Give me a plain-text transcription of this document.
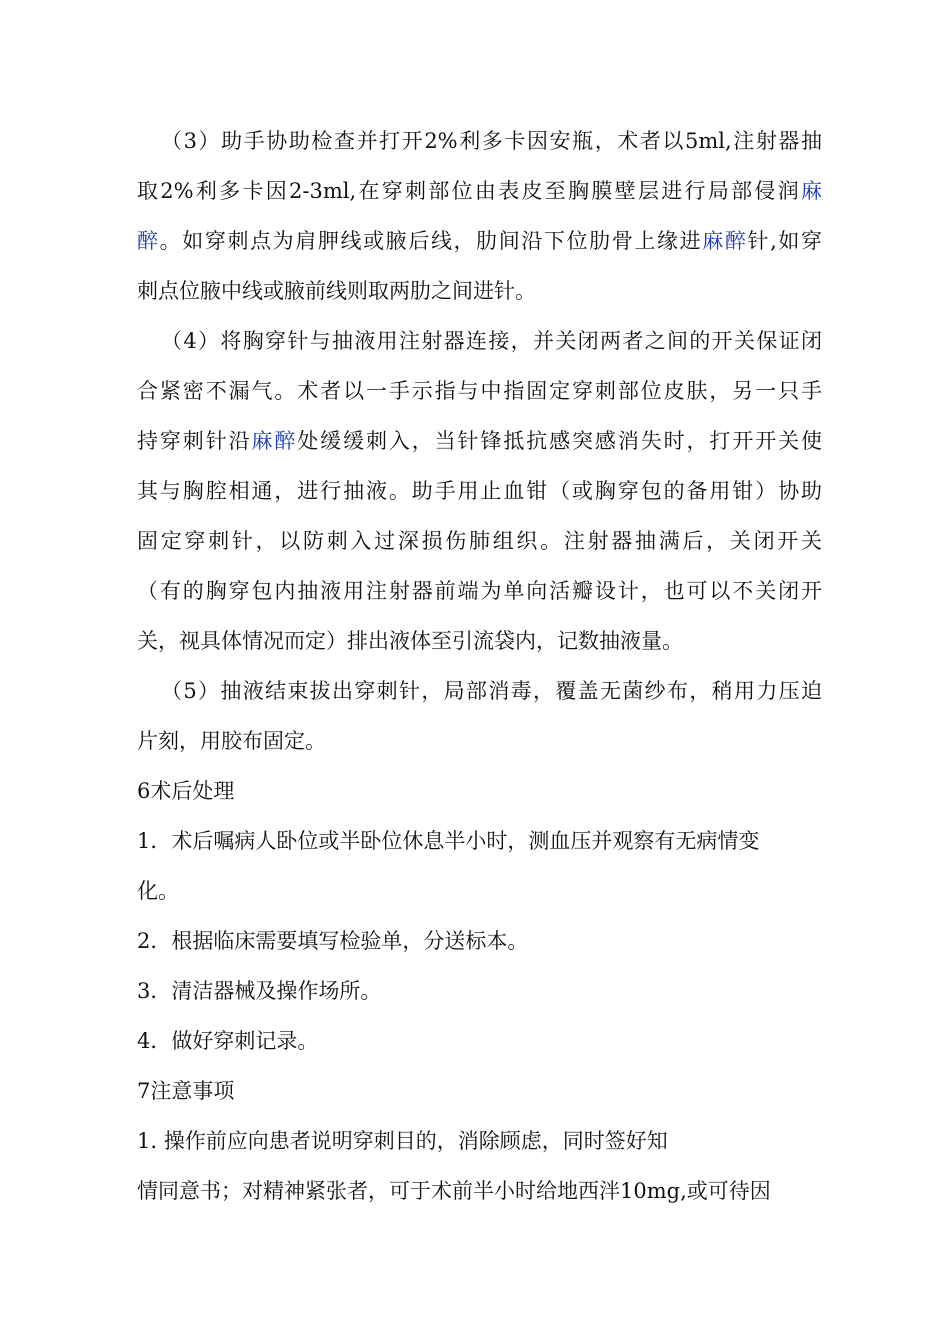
（3）助手协助检查并打开2%利多卡因安瓶，术者以5ml,注射器抽
取2%利多卡因2-3ml,在穿刺部位由表皮至胸膜壁层进行局部侵润麻
醉。如穿刺点为肩胛线或腋后线，肋间沿下位肋骨上缘进麻醉针,如穿
刺点位腋中线或腋前线则取两肋之间进针。
（4）将胸穿针与抽液用注射器连接，并关闭两者之间的开关保证闭
合紧密不漏气。术者以一手示指与中指固定穿刺部位皮肤，另一只手
持穿刺针沿麻醉处缓缓刺入，当针锋抵抗感突感消失时，打开开关使
其与胸腔相通，进行抽液。助手用止血钳（或胸穿包的备用钳）协助
固定穿刺针，以防刺入过深损伤肺组织。注射器抽满后，关闭开关
（有的胸穿包内抽液用注射器前端为单向活瓣设计，也可以不关闭开
关，视具体情况而定）排出液体至引流袋内，记数抽液量。
（5）抽液结束拔出穿刺针，局部消毒，覆盖无菌纱布，稍用力压迫
片刻，用胶布固定。
6术后处理
1．术后嘱病人卧位或半卧位休息半小时，测血压并观察有无病情变
化。
2．根据临床需要填写检验单，分送标本。
3．清洁器械及操作场所。
4．做好穿刺记录。
7注意事项
1. 操作前应向患者说明穿刺目的，消除顾虑，同时签好知
情同意书；对精神紧张者，可于术前半小时给地西泮10mg,或可待因
